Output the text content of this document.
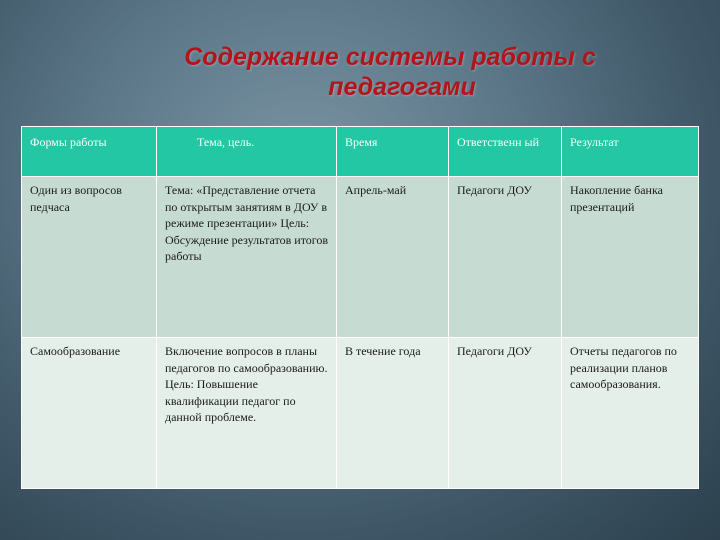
Содержание системы работы с
педагогами
Формы работы	Тема, цель.	Время	Ответственн ый	Результат
Один из вопросов педчаса	Тема: «Представление отчета по открытым занятиям в ДОУ в режиме презентации» Цель: Обсуждение результатов итогов работы	Апрель-май	Педагоги ДОУ	Накопление банка презентаций
Самообразование	Включение вопросов в планы педагогов по самообразованию. Цель: Повышение квалификации педагог по данной проблеме.	В течение года	Педагоги ДОУ	Отчеты педагогов по реализации планов самообразования.
